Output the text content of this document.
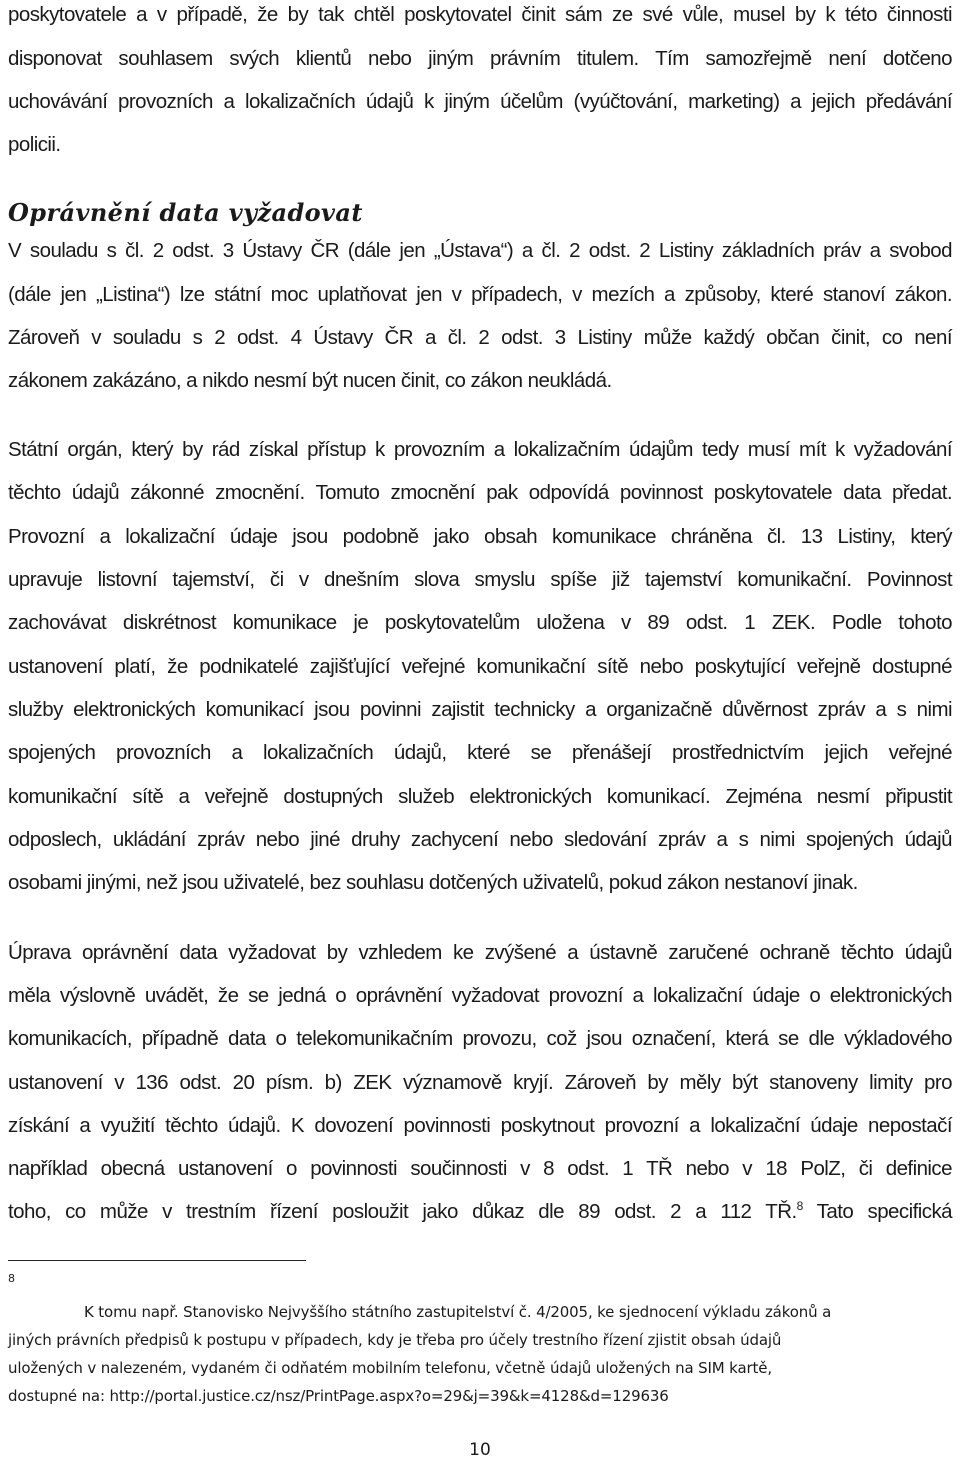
poskytovatele a v případě, že by tak chtěl poskytovatel činit sám ze své vůle, musel by k této činnosti
disponovat souhlasem svých klientů nebo jiným právním titulem. Tím samozřejmě není dotčeno
uchovávání provozních a lokalizačních údajů k jiným účelům (vyúčtování, marketing) a jejich předávání
policii.
Oprávnění data vyžadovat
V souladu s čl. 2 odst. 3 Ústavy ČR (dále jen „Ústava“) a čl. 2 odst. 2 Listiny základních práv a svobod
(dále jen „Listina“) lze státní moc uplatňovat jen v případech, v mezích a způsoby, které stanoví zákon.
Zároveň v souladu s 2 odst. 4 Ústavy ČR a čl. 2 odst. 3 Listiny může každý občan činit, co není
zákonem zakázáno, a nikdo nesmí být nucen činit, co zákon neukládá.
Státní orgán, který by rád získal přístup k provozním a lokalizačním údajům tedy musí mít k vyžadování
těchto údajů zákonné zmocnění. Tomuto zmocnění pak odpovídá povinnost poskytovatele data předat.
Provozní a lokalizační údaje jsou podobně jako obsah komunikace chráněna čl. 13 Listiny, který
upravuje listovní tajemství, či v dnešním slova smyslu spíše již tajemství komunikační. Povinnost
zachovávat diskrétnost komunikace je poskytovatelům uložena v 89 odst. 1 ZEK. Podle tohoto
ustanovení platí, že podnikatelé zajišťující veřejné komunikační sítě nebo poskytující veřejně dostupné
služby elektronických komunikací jsou povinni zajistit technicky a organizačně důvěrnost zpráv a s nimi
spojených provozních a lokalizačních údajů, které se přenášejí prostřednictvím jejich veřejné
komunikační sítě a veřejně dostupných služeb elektronických komunikací. Zejména nesmí připustit
odposlech, ukládání zpráv nebo jiné druhy zachycení nebo sledování zpráv a s nimi spojených údajů
osobami jinými, než jsou uživatelé, bez souhlasu dotčených uživatelů, pokud zákon nestanoví jinak.
Úprava oprávnění data vyžadovat by vzhledem ke zvýšené a ústavně zaručené ochraně těchto údajů
měla výslovně uvádět, že se jedná o oprávnění vyžadovat provozní a lokalizační údaje o elektronických
komunikacích, případně data o telekomunikačním provozu, což jsou označení, která se dle výkladového
ustanovení v 136 odst. 20 písm. b) ZEK významově kryjí. Zároveň by měly být stanoveny limity pro
získání a využití těchto údajů. K dovození povinnosti poskytnout provozní a lokalizační údaje nepostačí
například obecná ustanovení o povinnosti součinnosti v 8 odst. 1 TŘ nebo v 18 PolZ, či definice
toho, co může v trestním řízení posloužit jako důkaz dle 89 odst. 2 a 112 TŘ.$^8$ Tato specifická
8
K tomu např. Stanovisko Nejvyššího státního zastupitelství č. 4/2005, ke sjednocení výkladu zákonů a
jiných právních předpisů k postupu v případech, kdy je třeba pro účely trestního řízení zjistit obsah údajů
uložených v nalezeném, vydaném či odňatém mobilním telefonu, včetně údajů uložených na SIM kartě,
dostupné na: http://portal.justice.cz/nsz/PrintPage.aspx?o=29&j=39&k=4128&d=129636
10
